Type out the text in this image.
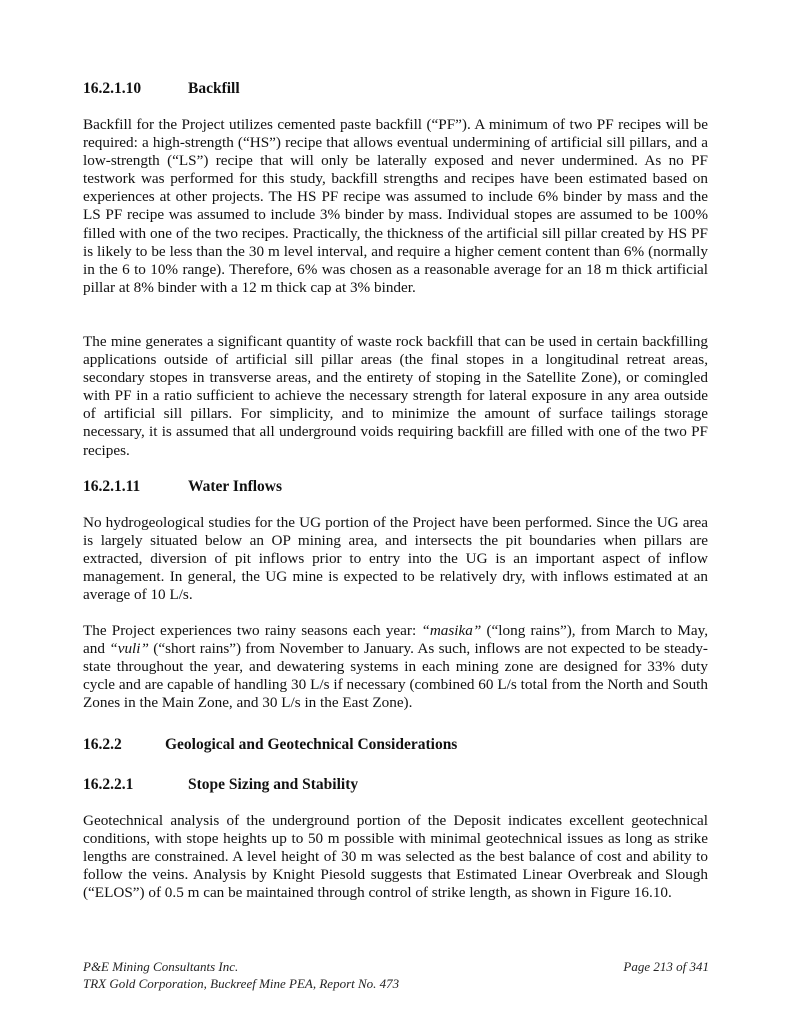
16.2.1.10	Backfill

Backfill for the Project utilizes cemented paste backfill (“PF”). A minimum of two PF recipes will be required: a high-strength (“HS”) recipe that allows eventual undermining of artificial sill pillars, and a low-strength (“LS”) recipe that will only be laterally exposed and never undermined. As no PF testwork was performed for this study, backfill strengths and recipes have been estimated based on experiences at other projects. The HS PF recipe was assumed to include 6% binder by mass and the LS PF recipe was assumed to include 3% binder by mass. Individual stopes are assumed to be 100% filled with one of the two recipes. Practically, the thickness of the artificial sill pillar created by HS PF is likely to be less than the 30 m level interval, and require a higher cement content than 6% (normally in the 6 to 10% range). Therefore, 6% was chosen as a reasonable average for an 18 m thick artificial pillar at 8% binder with a 12 m thick cap at 3% binder.

The mine generates a significant quantity of waste rock backfill that can be used in certain backfilling applications outside of artificial sill pillar areas (the final stopes in a longitudinal retreat areas, secondary stopes in transverse areas, and the entirety of stoping in the Satellite Zone), or comingled with PF in a ratio sufficient to achieve the necessary strength for lateral exposure in any area outside of artificial sill pillars. For simplicity, and to minimize the amount of surface tailings storage necessary, it is assumed that all underground voids requiring backfill are filled with one of the two PF recipes.

16.2.1.11	Water Inflows

No hydrogeological studies for the UG portion of the Project have been performed. Since the UG area is largely situated below an OP mining area, and intersects the pit boundaries when pillars are extracted, diversion of pit inflows prior to entry into the UG is an important aspect of inflow management. In general, the UG mine is expected to be relatively dry, with inflows estimated at an average of 10 L/s.

The Project experiences two rainy seasons each year: “masika” (“long rains”), from March to May, and “vuli” (“short rains”) from November to January. As such, inflows are not expected to be steady-state throughout the year, and dewatering systems in each mining zone are designed for 33% duty cycle and are capable of handling 30 L/s if necessary (combined 60 L/s total from the North and South Zones in the Main Zone, and 30 L/s in the East Zone).

16.2.2	Geological and Geotechnical Considerations
16.2.2.1	Stope Sizing and Stability

Geotechnical analysis of the underground portion of the Deposit indicates excellent geotechnical conditions, with stope heights up to 50 m possible with minimal geotechnical issues as long as strike lengths are constrained. A level height of 30 m was selected as the best balance of cost and ability to follow the veins. Analysis by Knight Piesold suggests that Estimated Linear Overbreak and Slough (“ELOS”) of 0.5 m can be maintained through control of strike length, as shown in Figure 16.10.

P&E Mining Consultants Inc.
TRX Gold Corporation, Buckreef Mine PEA, Report No. 473
Page 213 of 341
